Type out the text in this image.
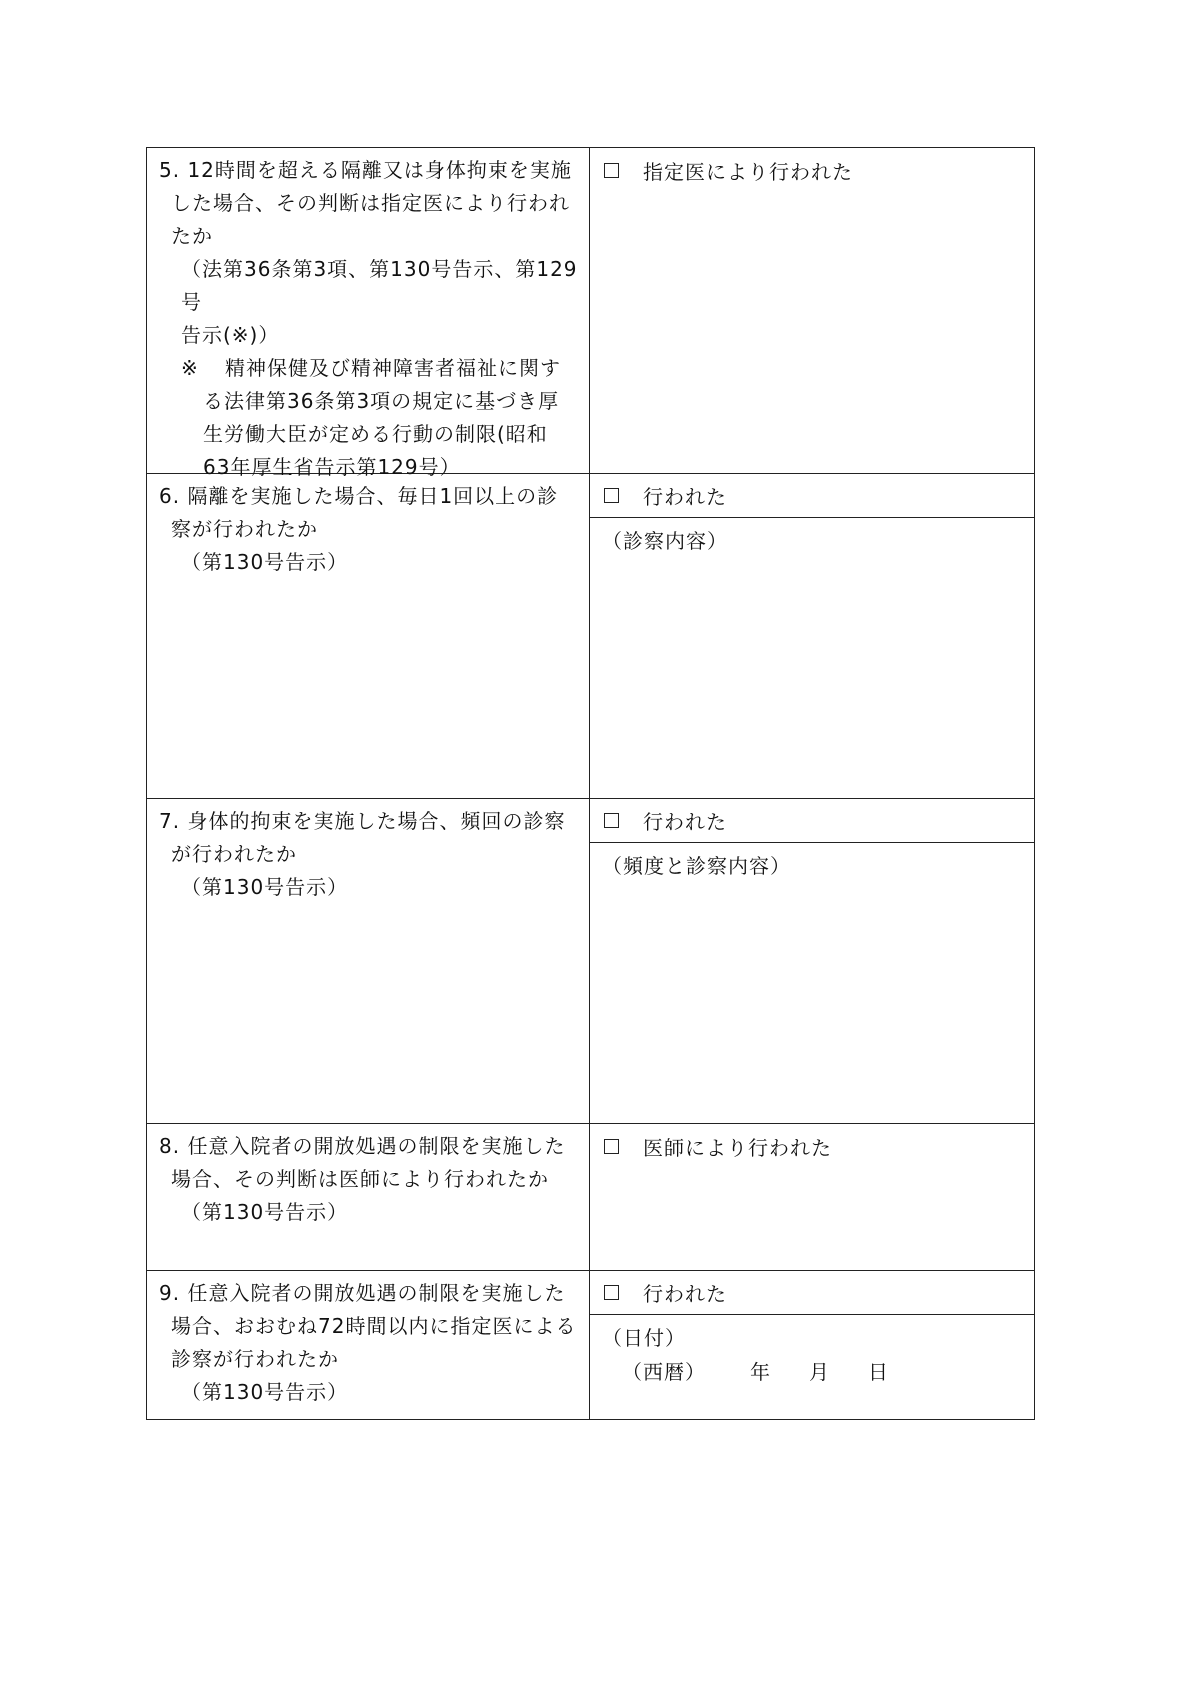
5. 12時間を超える隔離又は身体拘束を実施
した場合、その判断は指定医により行われ
たか
（法第36条第3項、第130号告示、第129号
告示(※)）
※	精神保健及び精神障害者福祉に関す
る法律第36条第3項の規定に基づき厚
生労働大臣が定める行動の制限(昭和
63年厚生省告示第129号）
指定医により行われた
6. 隔離を実施した場合、毎日1回以上の診
察が行われたか
（第130号告示）
行われた
（診察内容）
7. 身体的拘束を実施した場合、頻回の診察
が行われたか
（第130号告示）
行われた
（頻度と診察内容）
8. 任意入院者の開放処遇の制限を実施した
場合、その判断は医師により行われたか
（第130号告示）
医師により行われた
9. 任意入院者の開放処遇の制限を実施した
場合、おおむね72時間以内に指定医による
診察が行われたか
（第130号告示）
行われた
（日付）
（西暦） 年 月 日
